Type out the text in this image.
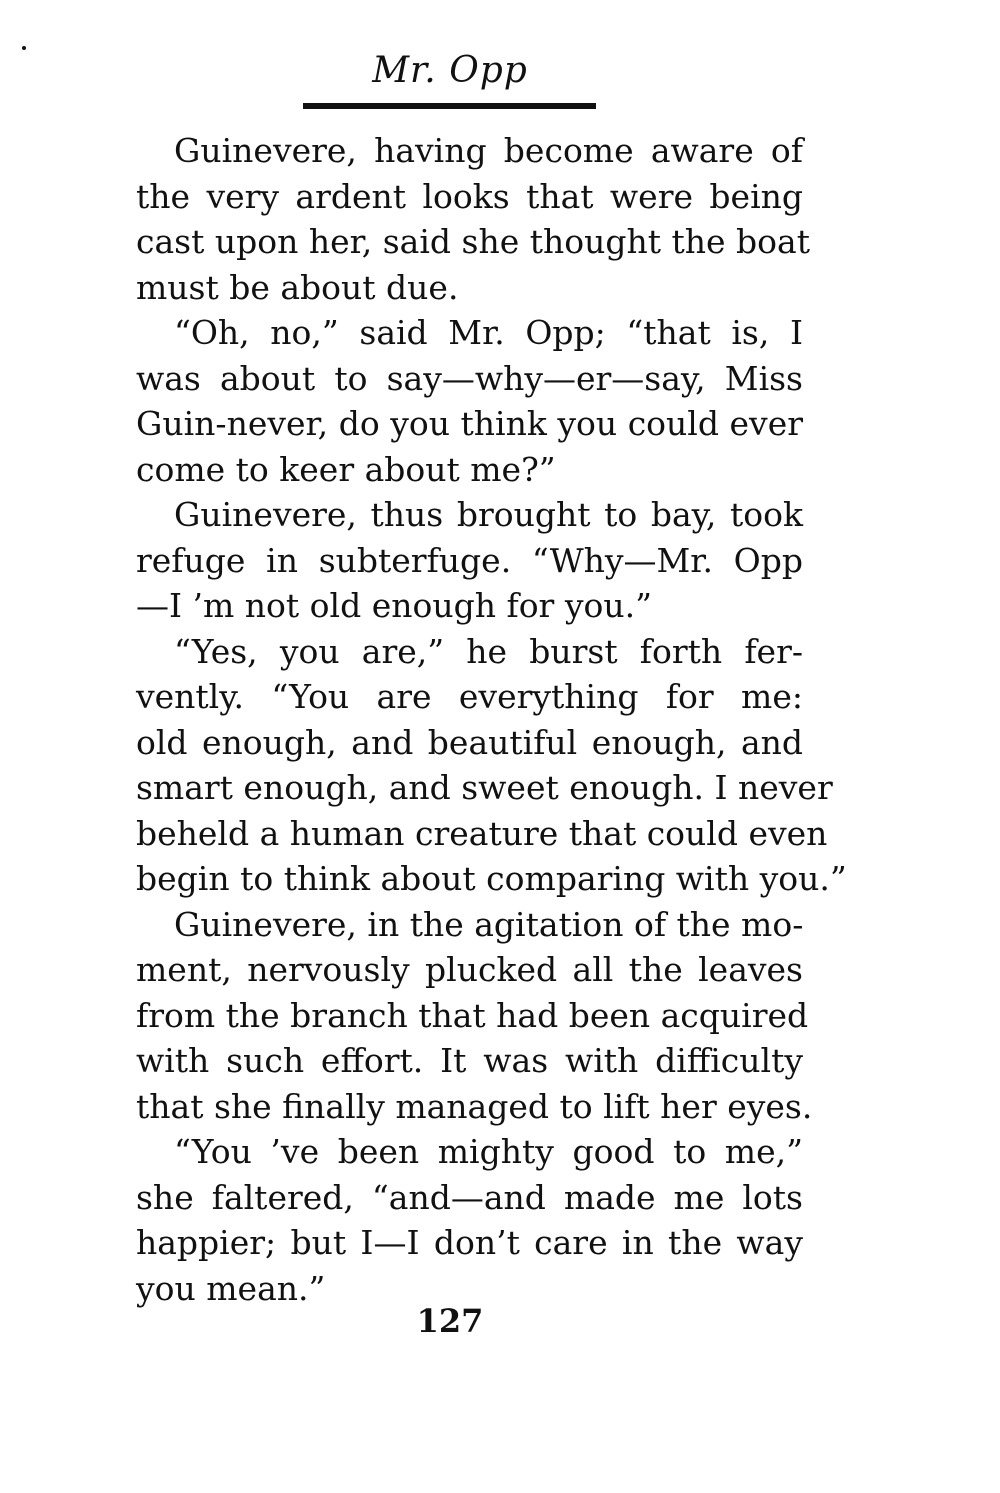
Mr. Opp
Guinevere, having become aware of
the very ardent looks that were being
cast upon her, said she thought the boat
must be about due.
“Oh, no,” said Mr. Opp; “that is, I
was about to say—why—er—say, Miss
Guin-never, do you think you could ever
come to keer about me?”
Guinevere, thus brought to bay, took
refuge in subterfuge. “Why—Mr. Opp
—I ’m not old enough for you.”
“Yes, you are,” he burst forth fer-
vently. “You are everything for me:
old enough, and beautiful enough, and
smart enough, and sweet enough. I never
beheld a human creature that could even
begin to think about comparing with you.”
Guinevere, in the agitation of the mo-
ment, nervously plucked all the leaves
from the branch that had been acquired
with such effort. It was with difficulty
that she finally managed to lift her eyes.
“You ’ve been mighty good to me,”
she faltered, “and—and made me lots
happier; but I—I don’t care in the way
you mean.”
127
